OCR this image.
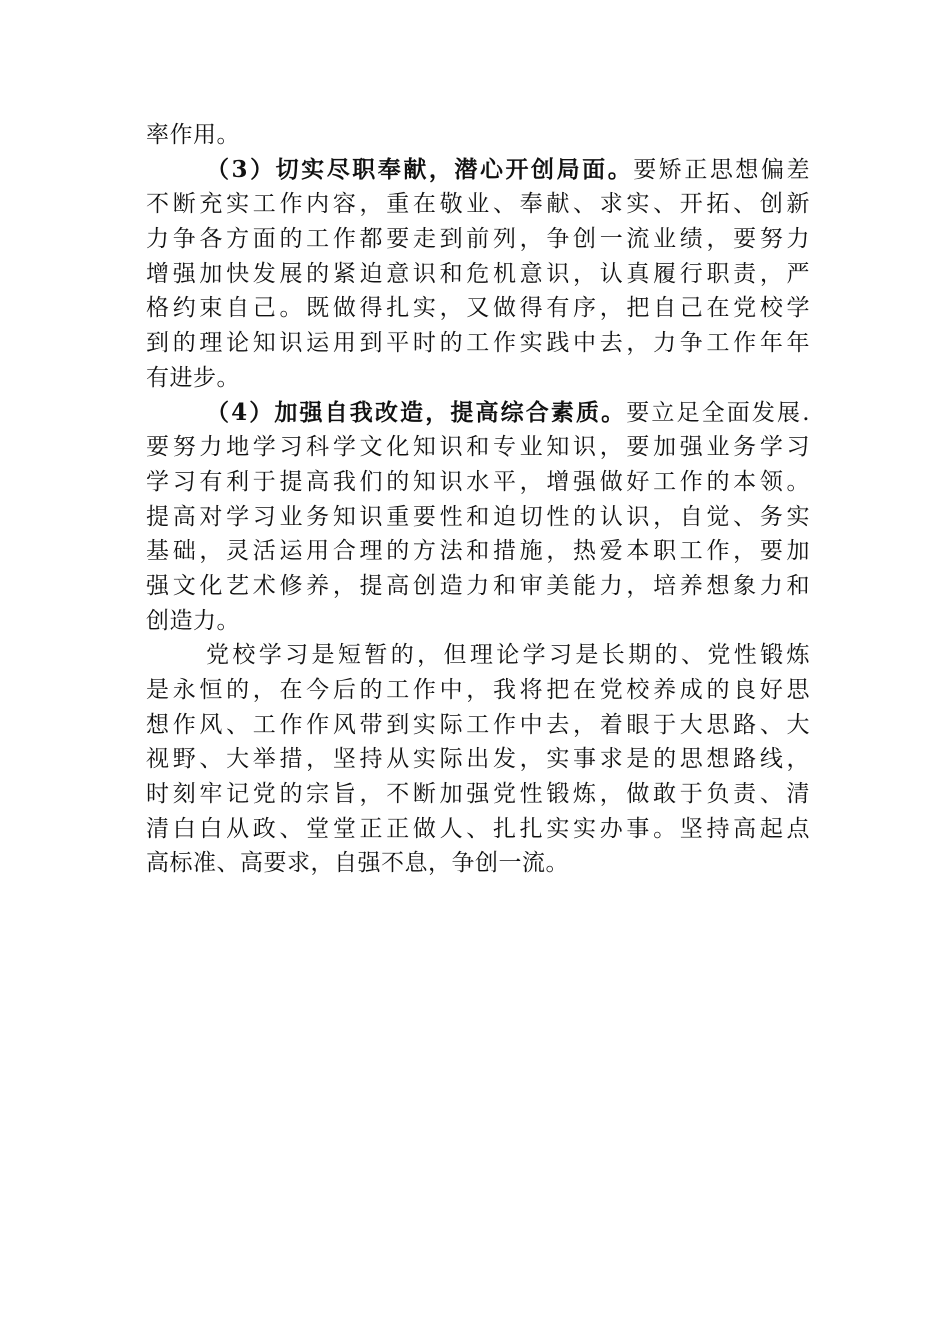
率作用。
（3）切实尽职奉献，潜心开创局面。要矫正思想偏差
不断充实工作内容，重在敬业、奉献、求实、开拓、创新
力争各方面的工作都要走到前列，争创一流业绩，要努力
增强加快发展的紧迫意识和危机意识，认真履行职责，严
格约束自己。既做得扎实，又做得有序，把自己在党校学
到的理论知识运用到平时的工作实践中去，力争工作年年
有进步。
（4）加强自我改造，提高综合素质。要立足全面发展.
要努力地学习科学文化知识和专业知识，要加强业务学习
学习有利于提高我们的知识水平，增强做好工作的本领。
提高对学习业务知识重要性和迫切性的认识，自觉、务实
基础，灵活运用合理的方法和措施，热爱本职工作，要加
强文化艺术修养，提高创造力和审美能力，培养想象力和
创造力。
党校学习是短暂的，但理论学习是长期的、党性锻炼
是永恒的，在今后的工作中，我将把在党校养成的良好思
想作风、工作作风带到实际工作中去，着眼于大思路、大
视野、大举措，坚持从实际出发，实事求是的思想路线，
时刻牢记党的宗旨，不断加强党性锻炼，做敢于负责、清
清白白从政、堂堂正正做人、扎扎实实办事。坚持高起点
高标准、高要求，自强不息，争创一流。
